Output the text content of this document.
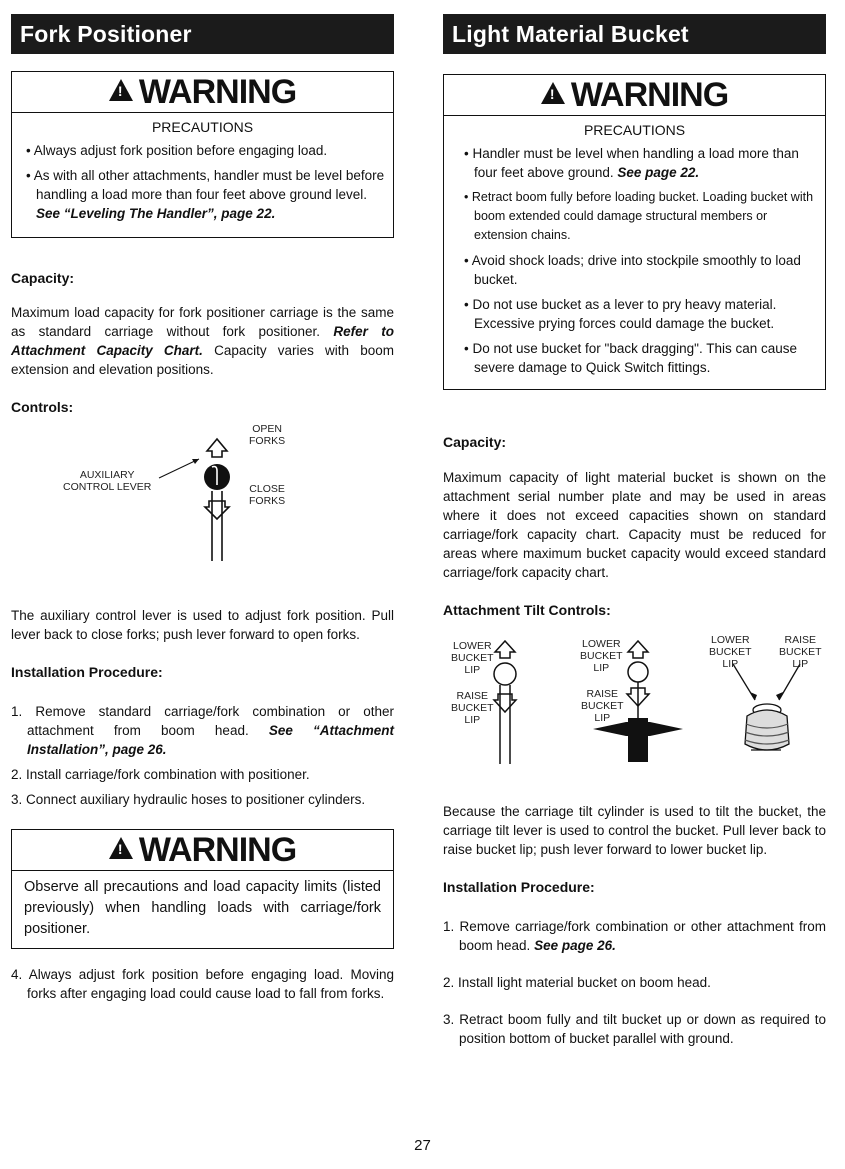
Fork Positioner
!WARNING
PRECAUTIONS
• Always adjust fork position before engaging load.
• As with all other attachments, handler must be level before handling a load more than four feet above ground level. See “Leveling The Handler”, page 22.
Capacity:

Maximum load capacity for fork positioner carriage is the same as standard carriage without fork positioner. Refer to Attachment Capacity Chart. Capacity varies with boom extension and elevation positions.

Controls:
OPEN
FORKS
CLOSE
FORKS
AUXILIARY
CONTROL LEVER

The auxiliary control lever is used to adjust fork position. Pull lever back to close forks; push lever forward to open forks.

Installation Procedure:
1. Remove standard carriage/fork combination or other attachment from boom head. See “Attachment Installation”, page 26.
2. Install carriage/fork combination with positioner.
3. Connect auxiliary hydraulic hoses to positioner cylinders.
!WARNING

Observe all precautions and load capacity limits (listed previously) when handling loads with carriage/fork positioner.

4. Always adjust fork position before engaging load. Moving forks after engaging load could cause load to fall from forks.
Light Material Bucket
!WARNING
PRECAUTIONS
• Handler must be level when handling a load more than four feet above ground. See page 22.
• Retract boom fully before loading bucket. Loading bucket with boom extended could damage structural members or extension chains.
• Avoid shock loads; drive into stockpile smoothly to load bucket.
• Do not use bucket as a lever to pry heavy material. Excessive prying forces could damage the bucket.
• Do not use bucket for "back dragging". This can cause severe damage to Quick Switch fittings.
Capacity:

Maximum capacity of light material bucket is shown on the attachment serial number plate and may be used in areas where it does not exceed capacities shown on standard carriage/fork capacity chart. Capacity must be reduced for areas where maximum bucket capacity would exceed standard carriage/fork capacity chart.

Attachment Tilt Controls:
LOWER
BUCKET
LIP
RAISE
BUCKET
LIP
LOWER
BUCKET
LIP
RAISE
BUCKET
LIP
LOWER
BUCKET
LIP
RAISE
BUCKET
LIP

Because the carriage tilt cylinder is used to tilt the bucket, the carriage tilt lever is used to control the bucket. Pull lever back to raise bucket lip; push lever forward to lower bucket lip.

Installation Procedure:
1. Remove carriage/fork combination or other attachment from boom head. See page 26.
2. Install light material bucket on boom head.
3. Retract boom fully and tilt bucket up or down as required to position bottom of bucket parallel with ground.
27
